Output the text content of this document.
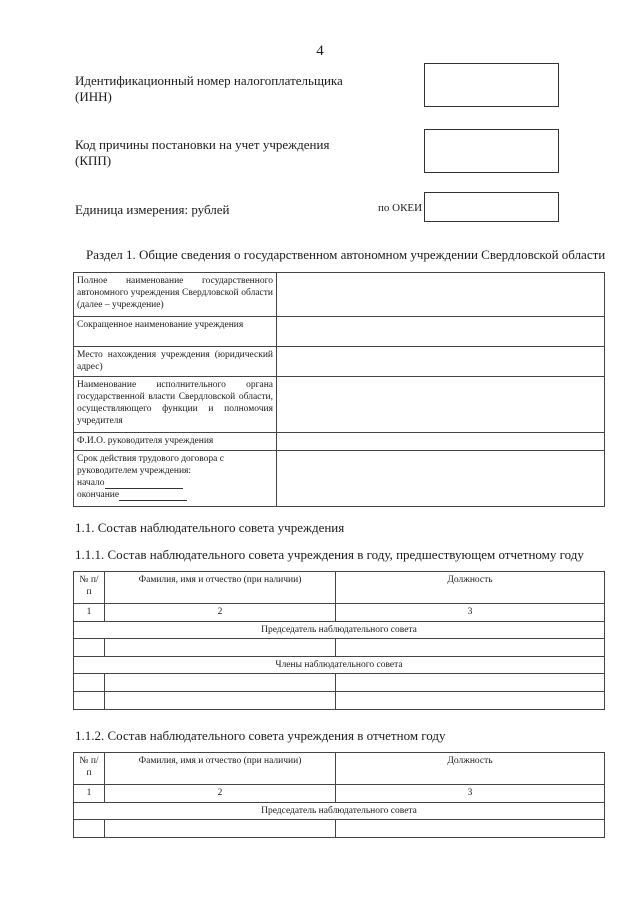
4
Идентификационный номер налогоплательщика
(ИНН)
Код причины постановки на учет учреждения
(КПП)
Единица измерения: рублей	по ОКЕИ
Раздел 1. Общие сведения о государственном автономном учреждении Свердловской области
Полное наименование государственного автономного учреждения Свердловской области (далее – учреждение)	
Сокращенное наименование учреждения	
Место нахождения учреждения (юридический адрес)	
Наименование исполнительного органа государственной власти Свердловской области, осуществляющего функции и полномочия учредителя	
Ф.И.О. руководителя учреждения	

Срок действия трудового договора с
руководителем учреждения:
начало
окончание	

1.1. Состав наблюдательного совета учреждения
1.1.1. Состав наблюдательного совета учреждения в году, предшествующем отчетному году
№ п/п	Фамилия, имя и отчество (при наличии)	Должность
1	2	3
Председатель наблюдательного совета		

Члены наблюдательного совета		

1.1.2. Состав наблюдательного совета учреждения в отчетном году
№ п/п	Фамилия, имя и отчество (при наличии)	Должность
1	2	3
Председатель наблюдательного совета		
